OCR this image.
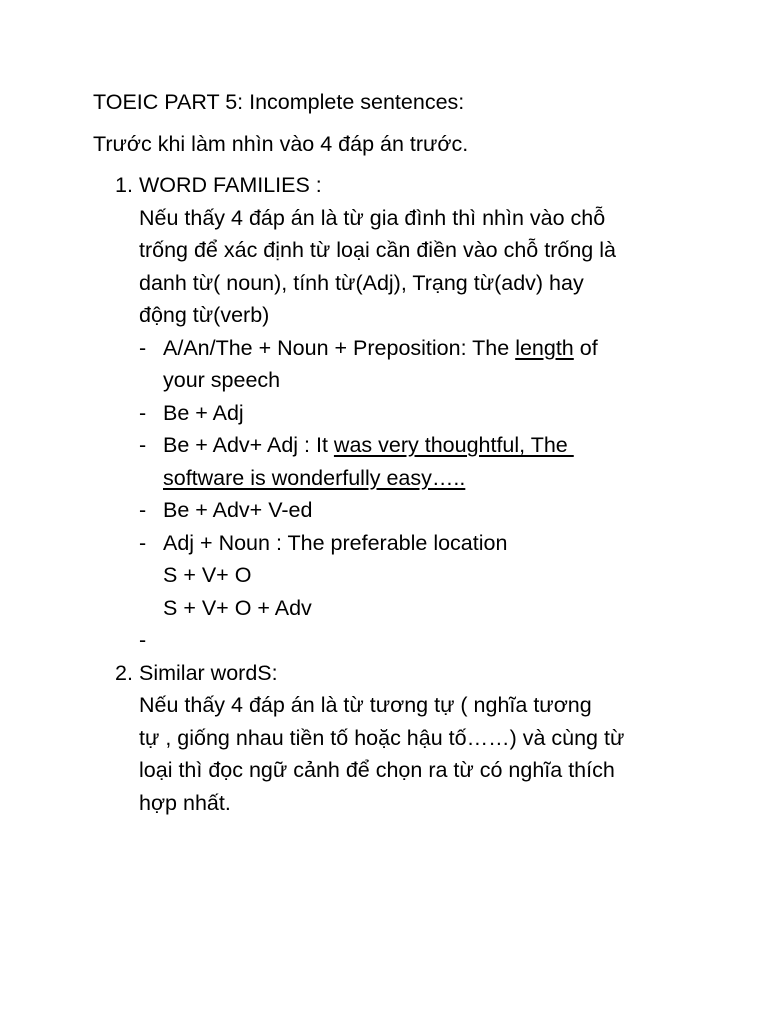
TOEIC PART 5: Incomplete sentences:

Trước khi làm nhìn vào 4 đáp án trước.

1. WORD FAMILIES :
Nếu thấy 4 đáp án là từ gia đình thì nhìn vào chỗ
trống để xác định từ loại cần điền vào chỗ trống là
danh từ( noun), tính từ(Adj), Trạng từ(adv) hay
động từ(verb)
- A/An/The + Noun + Preposition: The length of
your speech
- Be + Adj
- Be + Adv+ Adj : It was very thoughtful, The
software is wonderfully easy…..
- Be + Adv+ V-ed
- Adj + Noun : The preferable location
S + V+ O
S + V+ O + Adv
-

2. Similar wordS:
Nếu thấy 4 đáp án là từ tương tự ( nghĩa tương
tự , giống nhau tiền tố hoặc hậu tố……) và cùng từ
loại thì đọc ngữ cảnh để chọn ra từ có nghĩa thích
hợp nhất.
